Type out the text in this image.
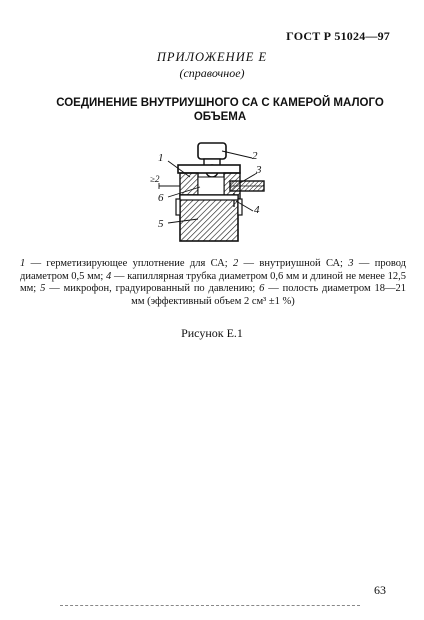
ГОСТ Р 51024—97
ПРИЛОЖЕНИЕ Е
(справочное)
СОЕДИНЕНИЕ ВНУТРИУШНОГО СА С КАМЕРОЙ МАЛОГО
ОБЪЕМА
1	2
3
4
5
6
≥2
1 — герметизирующее уплотнение для СА; 2 — внутриушной СА; 3 — провод диаметром 0,5 мм; 4 — капиллярная трубка диаметром 0,6 мм и длиной не менее 12,5 мм; 5 — микрофон, градуированный по давлению; 6 — полость диаметром 18—21 мм (эффективный объем 2 см³ ±1 %)
Рисунок Е.1
63
